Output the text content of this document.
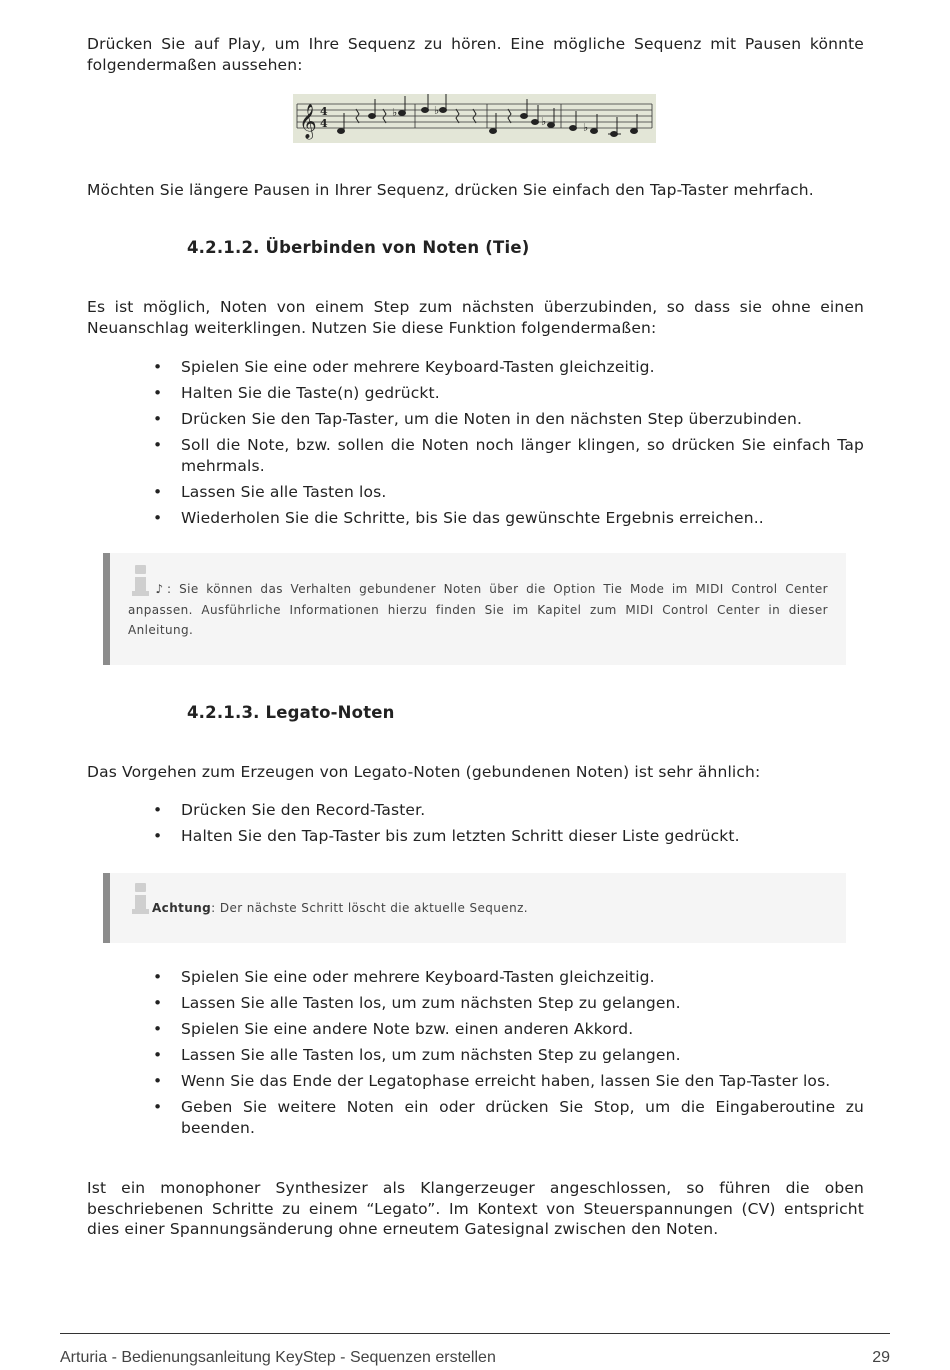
Drücken Sie auf Play, um Ihre Sequenz zu hören. Eine mögliche Sequenz mit Pausen könnte folgendermaßen aussehen:

𝄞 4
4
♭	♭
♭	♭

Möchten Sie längere Pausen in Ihrer Sequenz, drücken Sie einfach den Tap-Taster mehrfach.

4.2.1.2. Überbinden von Noten (Tie)

Es ist möglich, Noten von einem Step zum nächsten überzubinden, so dass sie ohne einen Neuanschlag weiterklingen. Nutzen Sie diese Funktion folgendermaßen:

• Spielen Sie eine oder mehrere Keyboard-Tasten gleichzeitig.
• Halten Sie die Taste(n) gedrückt.
• Drücken Sie den Tap-Taster, um die Noten in den nächsten Step überzubinden.
• Soll die Note, bzw. sollen die Noten noch länger klingen, so drücken Sie einfach Tap mehrmals.
• Lassen Sie alle Tasten los.
• Wiederholen Sie die Schritte, bis Sie das gewünschte Ergebnis erreichen..
♪: Sie können das Verhalten gebundener Noten über die Option Tie Mode im MIDI Control Center anpassen. Ausführliche Informationen hierzu finden Sie im Kapitel zum MIDI Control Center in dieser Anleitung.
4.2.1.3. Legato-Noten

Das Vorgehen zum Erzeugen von Legato-Noten (gebundenen Noten) ist sehr ähnlich:

• Drücken Sie den Record-Taster.
• Halten Sie den Tap-Taster bis zum letzten Schritt dieser Liste gedrückt.
Achtung: Der nächste Schritt löscht die aktuelle Sequenz.
• Spielen Sie eine oder mehrere Keyboard-Tasten gleichzeitig.
• Lassen Sie alle Tasten los, um zum nächsten Step zu gelangen.
• Spielen Sie eine andere Note bzw. einen anderen Akkord.
• Lassen Sie alle Tasten los, um zum nächsten Step zu gelangen.
• Wenn Sie das Ende der Legatophase erreicht haben, lassen Sie den Tap-Taster los.
• Geben Sie weitere Noten ein oder drücken Sie Stop, um die Eingaberoutine zu beenden.

Ist ein monophoner Synthesizer als Klangerzeuger angeschlossen, so führen die oben beschriebenen Schritte zu einem “Legato”. Im Kontext von Steuerspannungen (CV) entspricht dies einer Spannungsänderung ohne erneutem Gatesignal zwischen den Noten.

Arturia - Bedienungsanleitung KeyStep - Sequenzen erstellen	29
